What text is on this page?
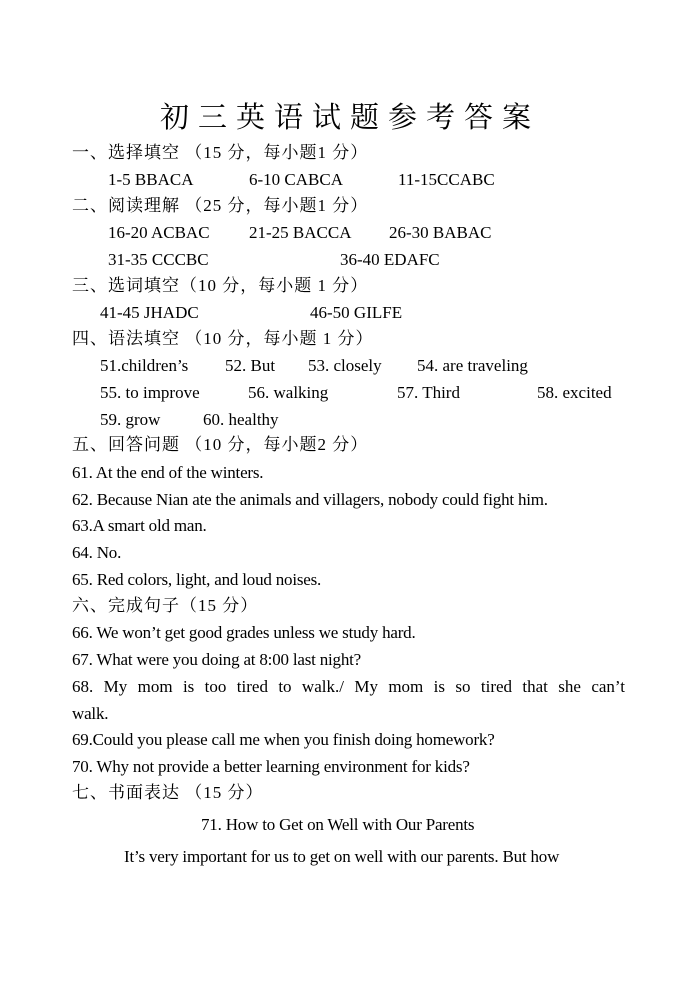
初三英语试题参考答案
一、选择填空 （15 分，每小题1 分）
1-5 BBACA	6-10 CABCA	11-15CCABC
二、阅读理解 （25 分，每小题1 分）
16-20 ACBAC 21-25 BACCA 26-30 BABAC
31-35 CCCBC	36-40 EDAFC
三、选词填空（10 分，每小题 1 分）
41-45 JHADC	46-50 GILFE
四、语法填空 （10 分，每小题 1 分）
51.children’s 52. But 53. closely 54. are traveling
55. to improve	56. walking	57. Third	58. excited
59. grow	60. healthy
五、回答问题 （10 分，每小题2 分）
61. At the end of the winters.
62. Because Nian ate the animals and villagers, nobody could fight him.
63.A smart old man.
64. No.
65. Red colors, light, and loud noises.
六、完成句子（15 分）
66. We won’t get good grades unless we study hard.
67. What were you doing at 8:00 last night?
68. My mom is too tired to walk./ My mom is so tired that she can’t
walk.
69.Could you please call me when you finish doing homework?
70. Why not provide a better learning environment for kids?
七、书面表达 （15 分）
71. How to Get on Well with Our Parents
It’s very important for us to get on well with our parents. But how
